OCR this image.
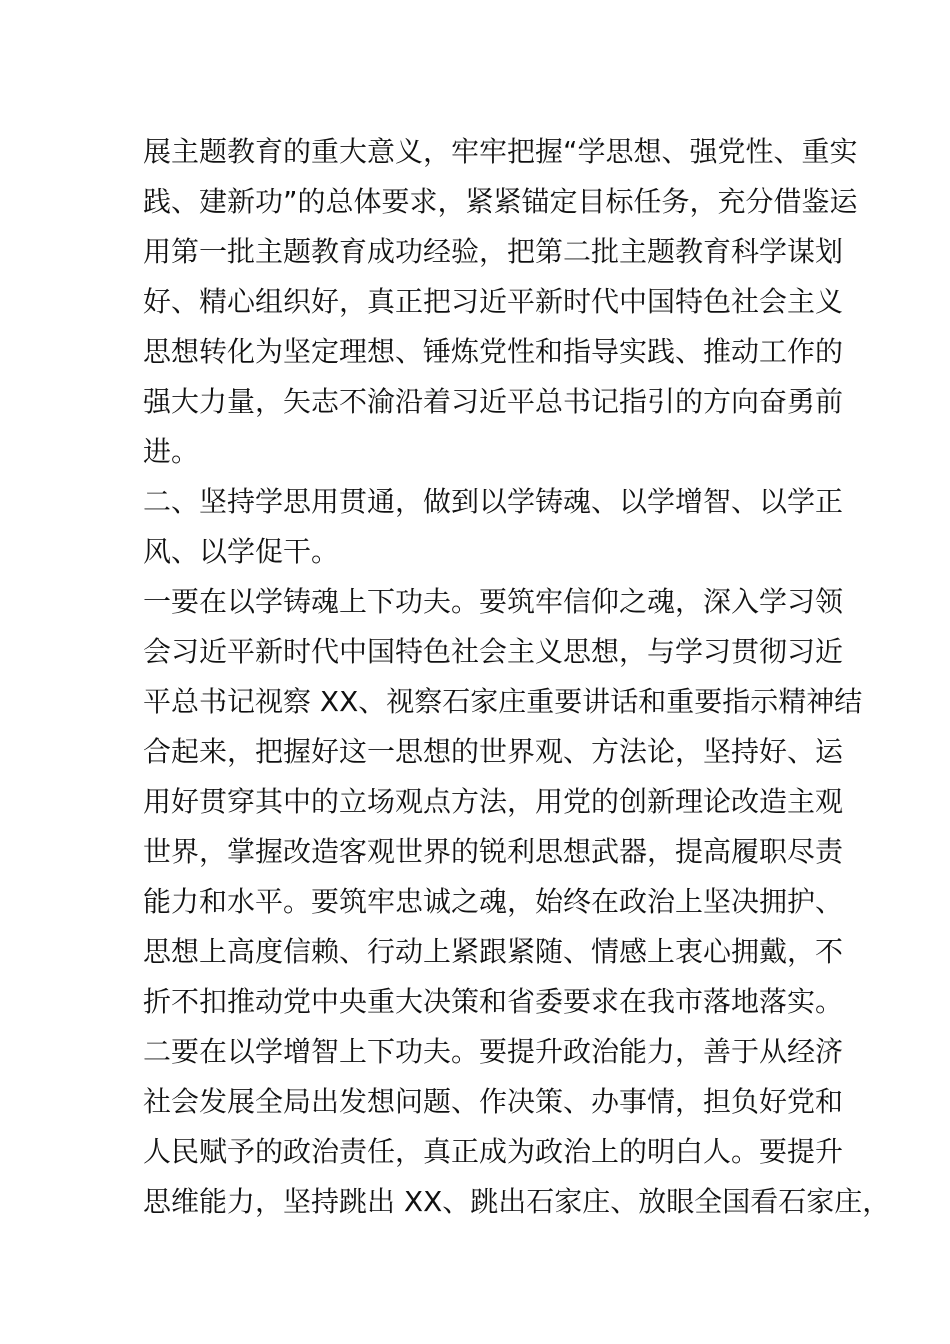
展主题教育的重大意义，牢牢把握“学思想、强党性、重实
践、建新功”的总体要求，紧紧锚定目标任务，充分借鉴运
用第一批主题教育成功经验，把第二批主题教育科学谋划
好、精心组织好，真正把习近平新时代中国特色社会主义
思想转化为坚定理想、锤炼党性和指导实践、推动工作的
强大力量，矢志不渝沿着习近平总书记指引的方向奋勇前
进。
二、坚持学思用贯通，做到以学铸魂、以学增智、以学正
风、以学促干。
一要在以学铸魂上下功夫。要筑牢信仰之魂，深入学习领
会习近平新时代中国特色社会主义思想，与学习贯彻习近
平总书记视察 XX、视察石家庄重要讲话和重要指示精神结
合起来，把握好这一思想的世界观、方法论，坚持好、运
用好贯穿其中的立场观点方法，用党的创新理论改造主观
世界，掌握改造客观世界的锐利思想武器，提高履职尽责
能力和水平。要筑牢忠诚之魂，始终在政治上坚决拥护、
思想上高度信赖、行动上紧跟紧随、情感上衷心拥戴，不
折不扣推动党中央重大决策和省委要求在我市落地落实。
二要在以学增智上下功夫。要提升政治能力，善于从经济
社会发展全局出发想问题、作决策、办事情，担负好党和
人民赋予的政治责任，真正成为政治上的明白人。要提升
思维能力，坚持跳出 XX、跳出石家庄、放眼全国看石家庄，
